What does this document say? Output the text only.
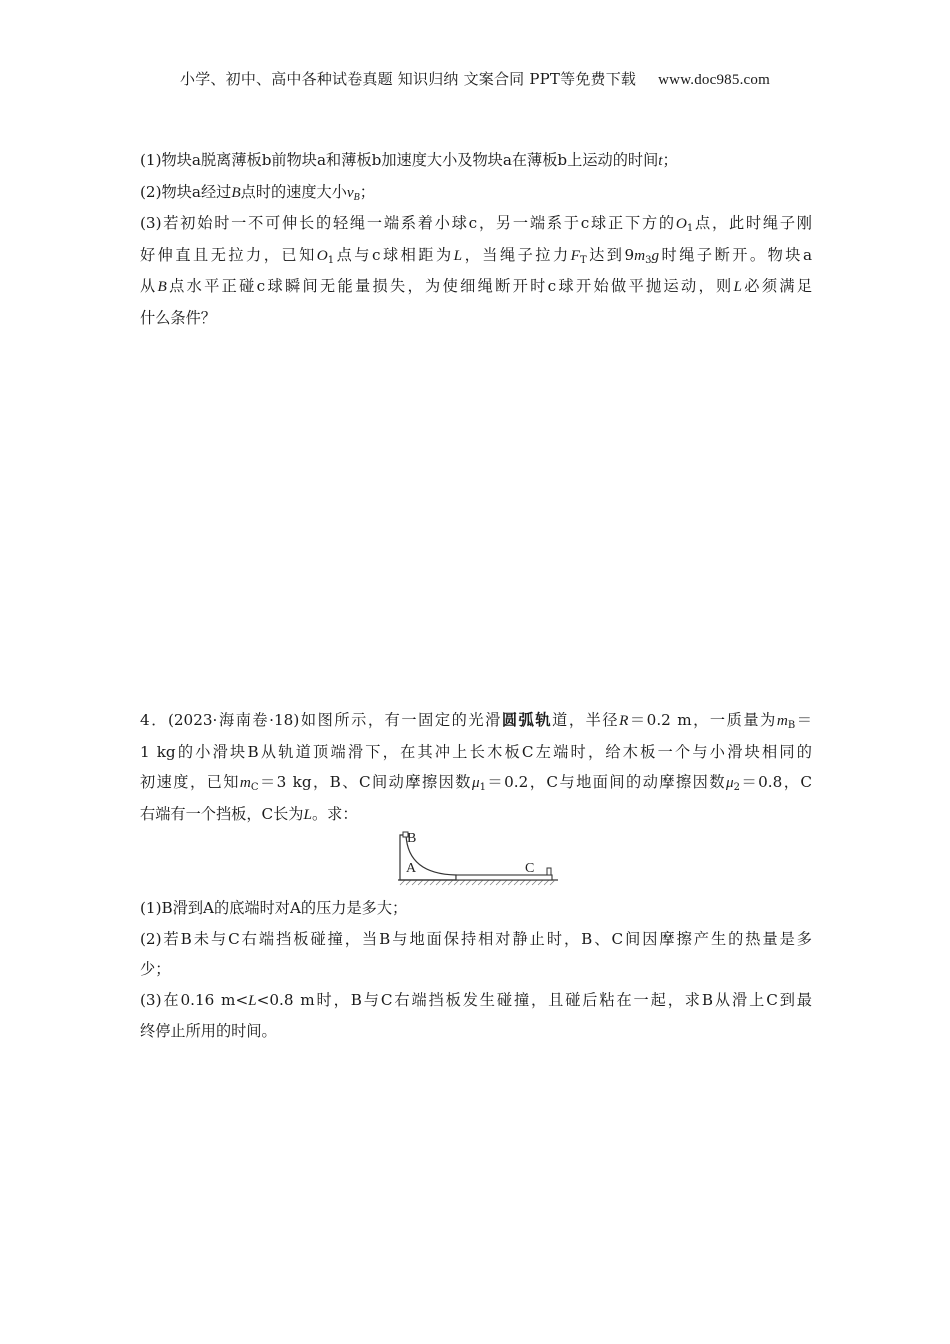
小学、初中、高中各种试卷真题 知识归纳 文案合同 PPT等免费下载 www.doc985.com
(1)物块a脱离薄板b前物块a和薄板b加速度大小及物块a在薄板b上运动的时间t；
(2)物块a经过B点时的速度大小$v_B$；
(3)若初始时一不可伸长的轻绳一端系着小球c，另一端系于c球正下方的$O_1$点，此时绳子刚
好伸直且无拉力，已知$O_1$点与c球相距为L，当绳子拉力$F_T$达到$9m_3g$时绳子断开。物块a
从B点水平正碰c球瞬间无能量损失，为使细绳断开时c球开始做平抛运动，则L必须满足
什么条件？
4．(2023·海南卷·18)如图所示，有一固定的光滑圆弧轨道，半径R＝0.2 m，一质量为$m_B=$
1 kg的小滑块B从轨道顶端滑下，在其冲上长木板C左端时，给木板一个与小滑块相同的
初速度，已知$m_C=3$ kg，B、C间动摩擦因数$\mu_1=0.2$，C与地面间的动摩擦因数$\mu_2=0.8$，C
右端有一个挡板，C长为L。求：
B
A	C
(1)B滑到A的底端时对A的压力是多大；
(2)若B未与C右端挡板碰撞，当B与地面保持相对静止时，B、C间因摩擦产生的热量是多
少；
(3)在0.16 m<L<0.8 m时，B与C右端挡板发生碰撞，且碰后粘在一起，求B从滑上C到最
终停止所用的时间。
